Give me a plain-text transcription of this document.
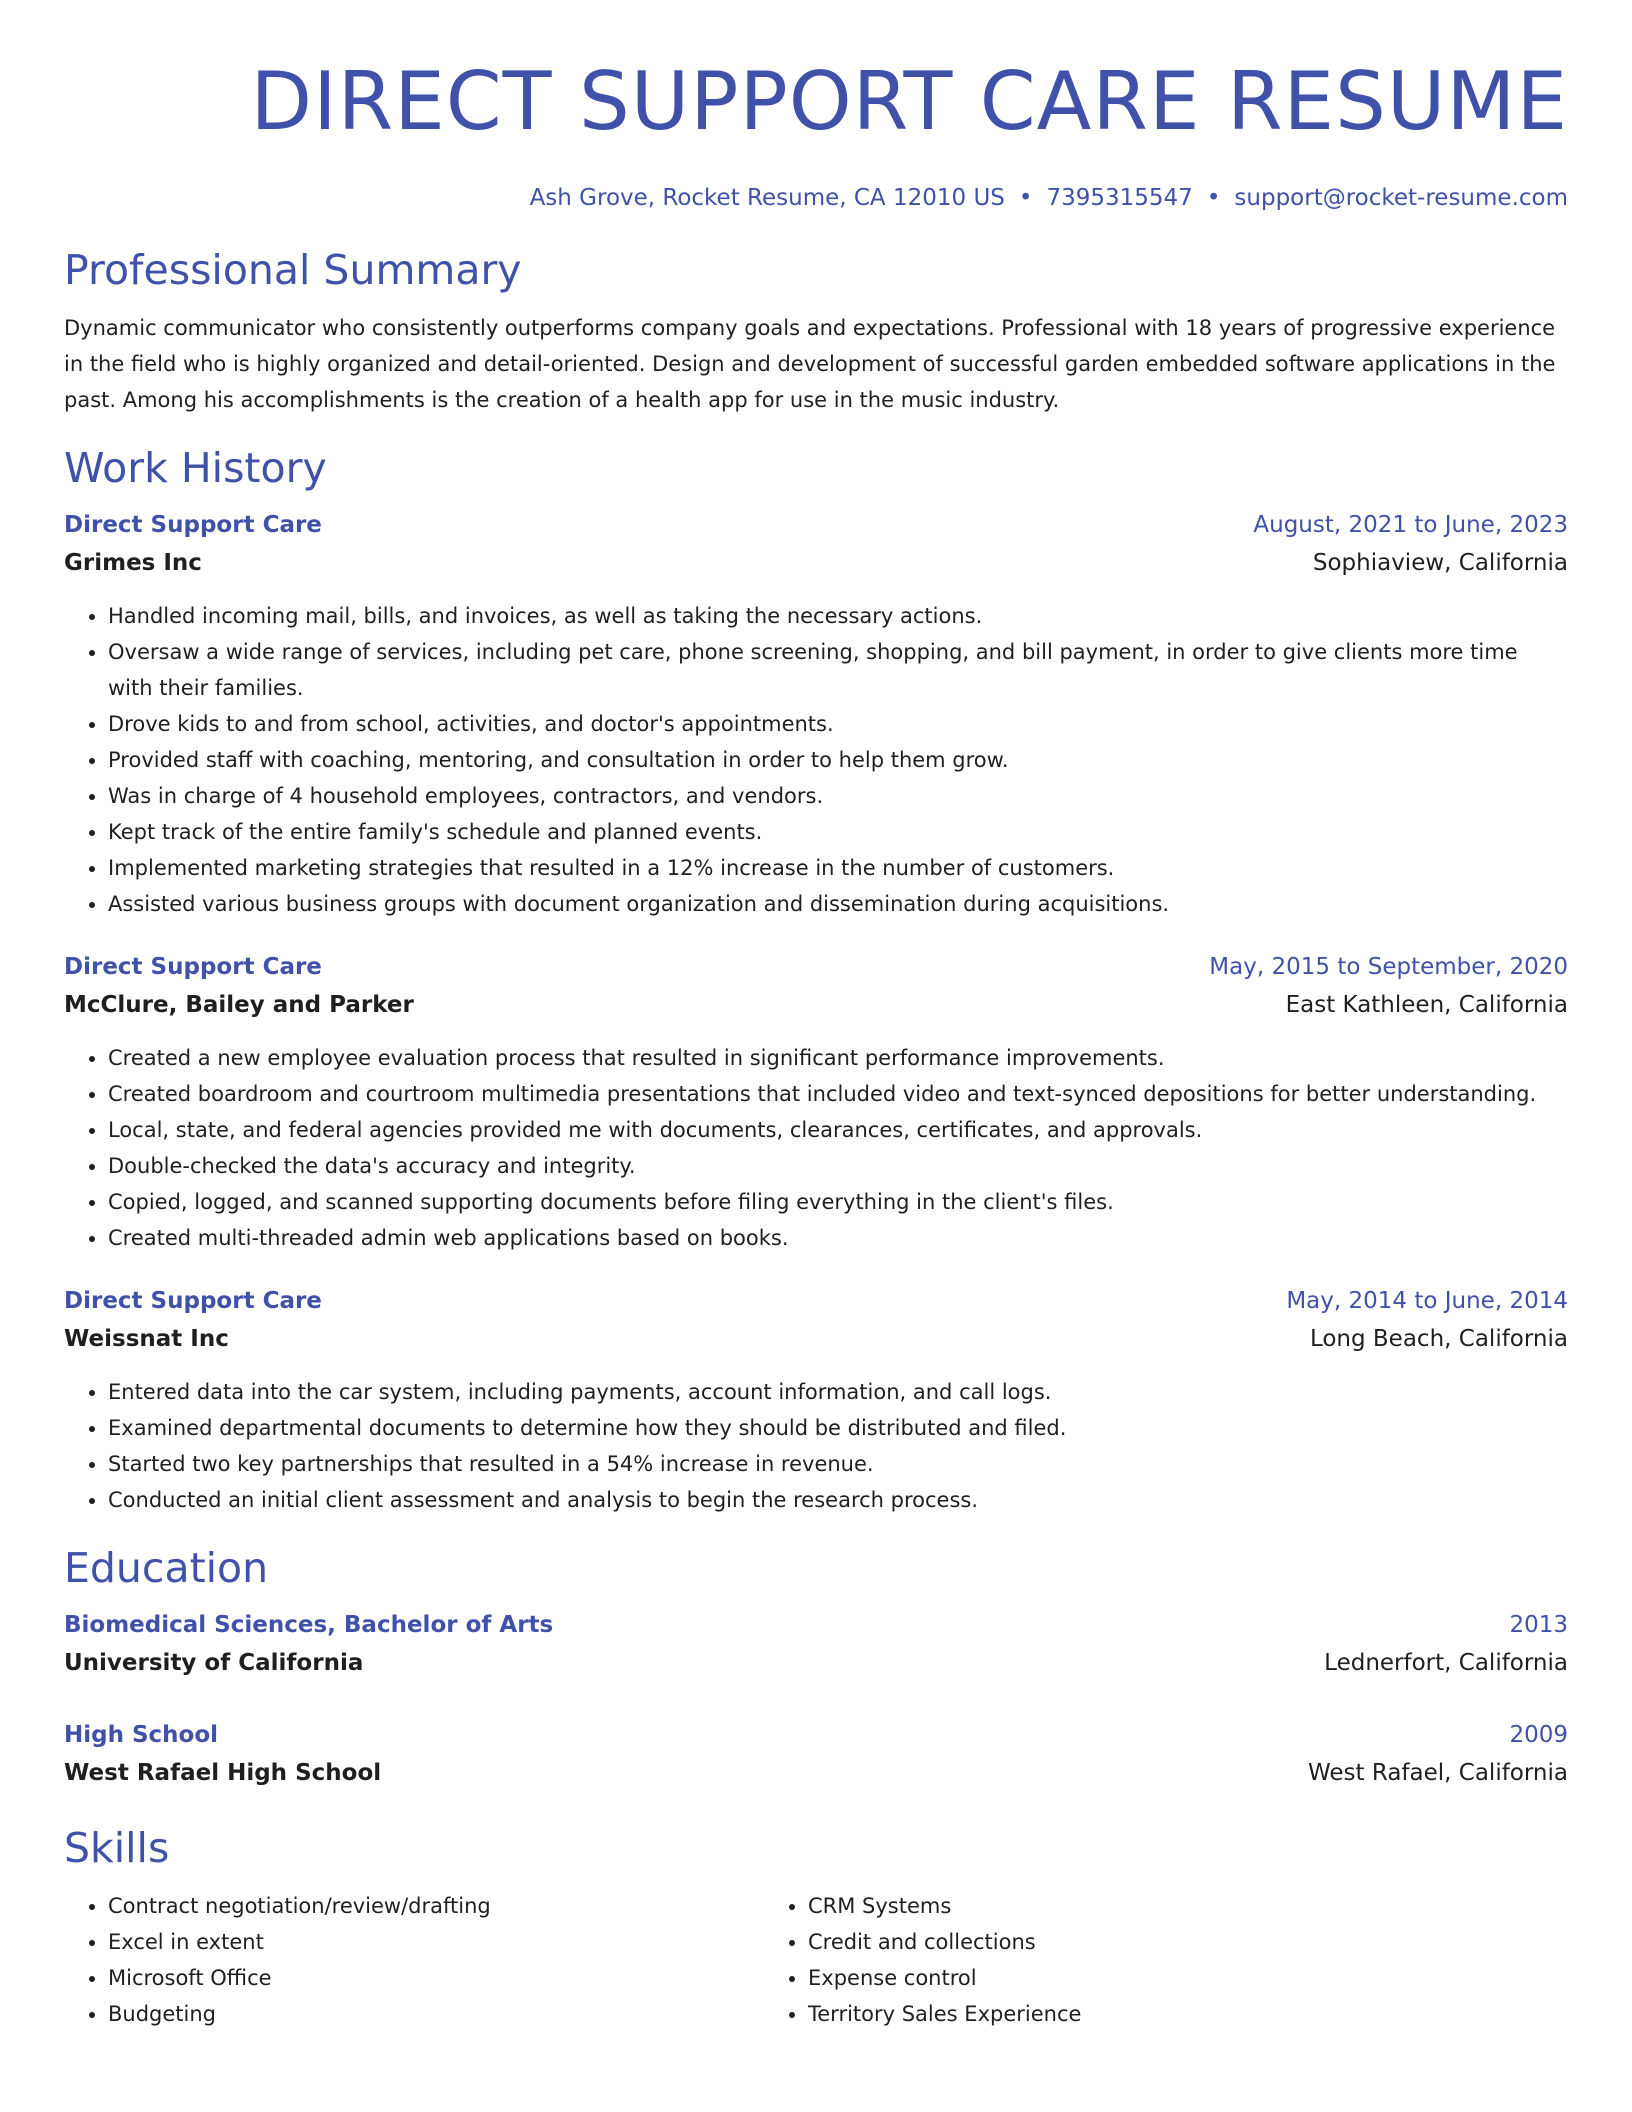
DIRECT SUPPORT CARE RESUME
Ash Grove, Rocket Resume, CA 12010 US • 7395315547 • support@rocket-resume.com
Professional Summary

Dynamic communicator who consistently outperforms company goals and expectations. Professional with 18 years of progressive experience in the field who is highly organized and detail-oriented. Design and development of successful garden embedded software applications in the past. Among his accomplishments is the creation of a health app for use in the music industry.

Work History
Direct Support Care	August, 2021 to June, 2023
Grimes Inc	Sophiaview, California
• Handled incoming mail, bills, and invoices, as well as taking the necessary actions.
• Oversaw a wide range of services, including pet care, phone screening, shopping, and bill payment, in order to give clients more time with their families.
• Drove kids to and from school, activities, and doctor's appointments.
• Provided staff with coaching, mentoring, and consultation in order to help them grow.
• Was in charge of 4 household employees, contractors, and vendors.
• Kept track of the entire family's schedule and planned events.
• Implemented marketing strategies that resulted in a 12% increase in the number of customers.
• Assisted various business groups with document organization and dissemination during acquisitions.
Direct Support Care	May, 2015 to September, 2020
McClure, Bailey and Parker	East Kathleen, California
• Created a new employee evaluation process that resulted in significant performance improvements.
• Created boardroom and courtroom multimedia presentations that included video and text-synced depositions for better understanding.
• Local, state, and federal agencies provided me with documents, clearances, certificates, and approvals.
• Double-checked the data's accuracy and integrity.
• Copied, logged, and scanned supporting documents before filing everything in the client's files.
• Created multi-threaded admin web applications based on books.
Direct Support Care	May, 2014 to June, 2014
Weissnat Inc	Long Beach, California
• Entered data into the car system, including payments, account information, and call logs.
• Examined departmental documents to determine how they should be distributed and filed.
• Started two key partnerships that resulted in a 54% increase in revenue.
• Conducted an initial client assessment and analysis to begin the research process.
Education
Biomedical Sciences, Bachelor of Arts	2013
University of California	Lednerfort, California
High School	2009
West Rafael High School	West Rafael, California
Skills
• Contract negotiation/review/drafting
• Excel in extent
• Microsoft Office
• Budgeting
• CRM Systems
• Credit and collections
• Expense control
• Territory Sales Experience
